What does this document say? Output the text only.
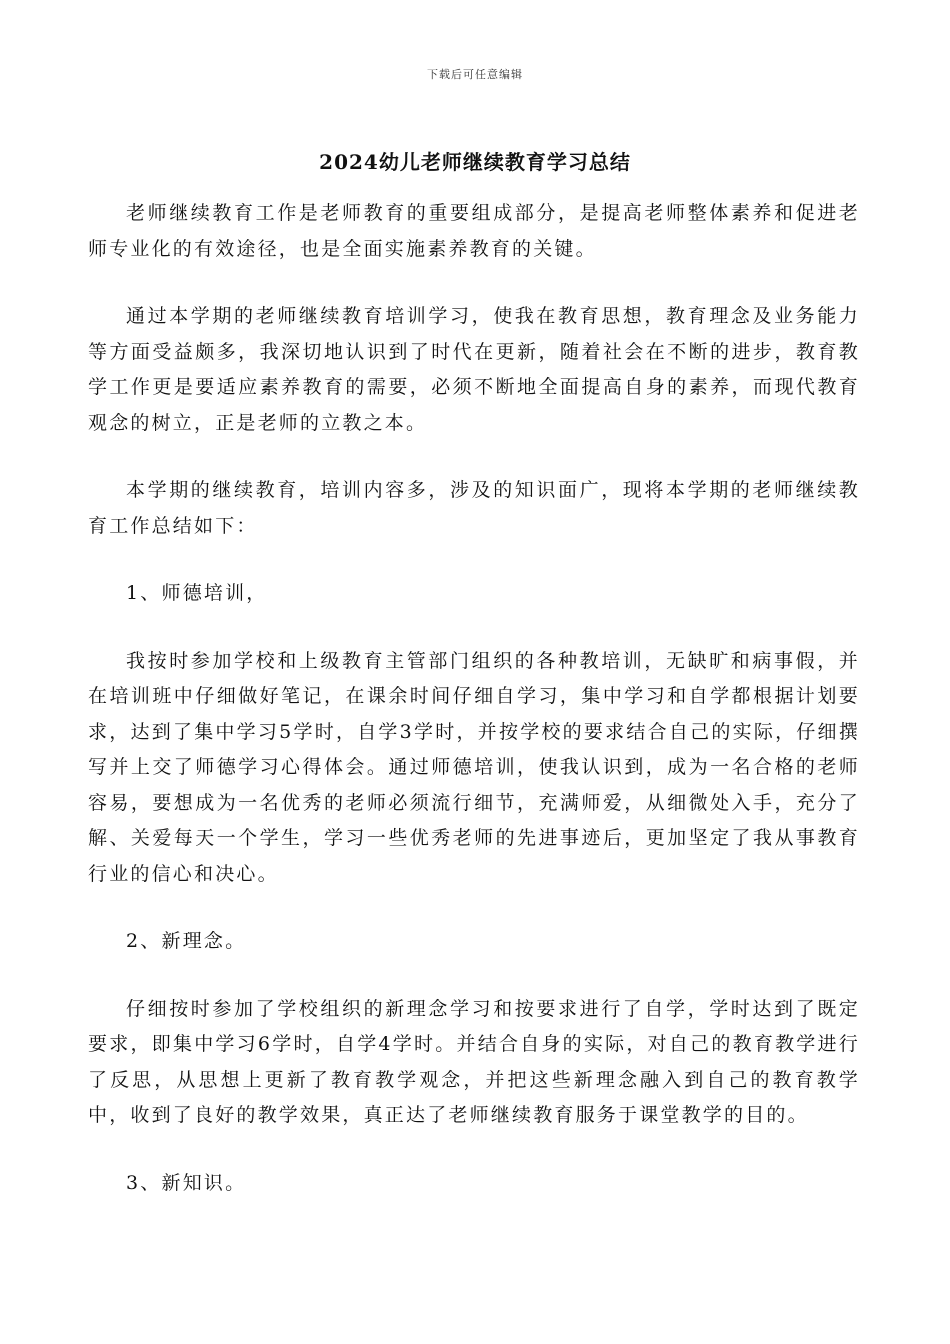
下载后可任意编辑
2024幼儿老师继续教育学习总结

老师继续教育工作是老师教育的重要组成部分，是提高老师整体素养和促进老师专业化的有效途径，也是全面实施素养教育的关键。

通过本学期的老师继续教育培训学习，使我在教育思想，教育理念及业务能力等方面受益颇多，我深切地认识到了时代在更新，随着社会在不断的进步，教育教学工作更是要适应素养教育的需要，必须不断地全面提高自身的素养，而现代教育观念的树立，正是老师的立教之本。

本学期的继续教育，培训内容多，涉及的知识面广，现将本学期的老师继续教育工作总结如下：

1、师德培训，

我按时参加学校和上级教育主管部门组织的各种教培训，无缺旷和病事假，并在培训班中仔细做好笔记，在课余时间仔细自学习，集中学习和自学都根据计划要求，达到了集中学习5学时，自学3学时，并按学校的要求结合自己的实际，仔细撰写并上交了师德学习心得体会。通过师德培训，使我认识到，成为一名合格的老师容易，要想成为一名优秀的老师必须流行细节，充满师爱，从细微处入手，充分了解、关爱每天一个学生，学习一些优秀老师的先进事迹后，更加坚定了我从事教育行业的信心和决心。

2、新理念。

仔细按时参加了学校组织的新理念学习和按要求进行了自学，学时达到了既定要求，即集中学习6学时，自学4学时。并结合自身的实际，对自己的教育教学进行了反思，从思想上更新了教育教学观念，并把这些新理念融入到自己的教育教学中，收到了良好的教学效果，真正达了老师继续教育服务于课堂教学的目的。

3、新知识。
